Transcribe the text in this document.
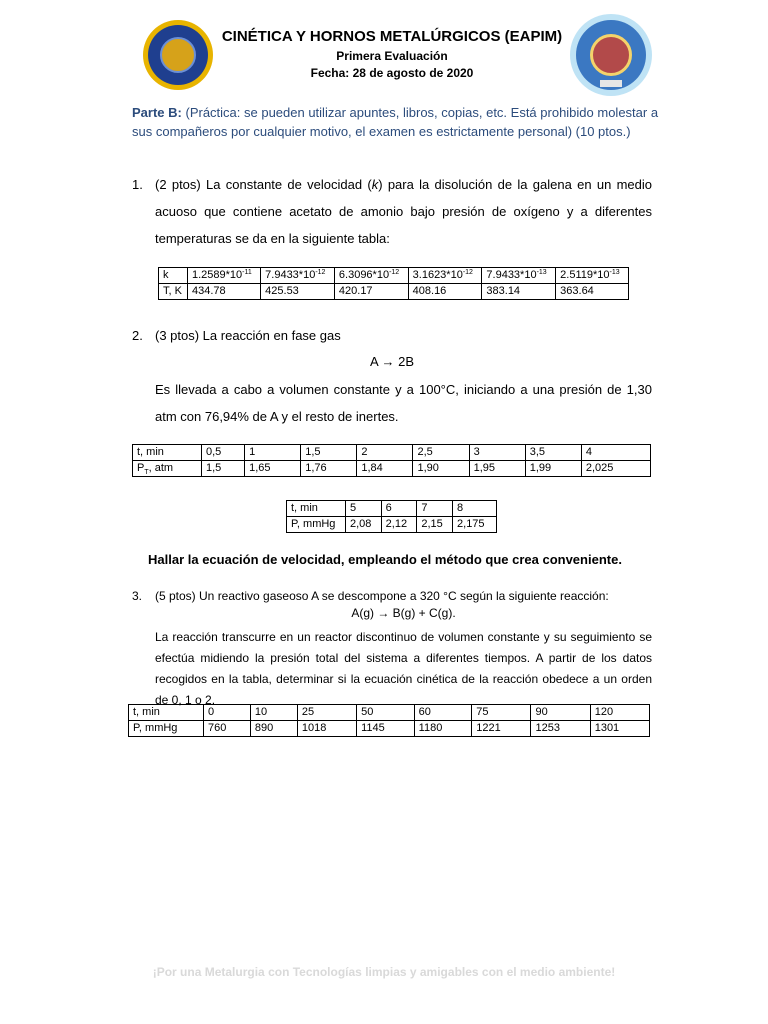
CINÉTICA Y HORNOS METALÚRGICOS (EAPIM)
Primera Evaluación
Fecha: 28 de agosto de 2020
Parte B: (Práctica: se pueden utilizar apuntes, libros, copias, etc. Está prohibido molestar a sus compañeros por cualquier motivo, el examen es estrictamente personal) (10 ptos.)
1. (2 ptos) La constante de velocidad (k) para la disolución de la galena en un medio acuoso que contiene acetato de amonio bajo presión de oxígeno y a diferentes temperaturas se da en la siguiente tabla:
k	$1.2589*10^{-11}$	$7.9433*10^{-12}$	$6.3096*10^{-12}$	$3.1623*10^{-12}$	$7.9433*10^{-13}$	$2.5119*10^{-13}$
T, K	434.78	425.53	420.17	408.16	383.14	363.64
2. (3 ptos) La reacción en fase gas
A → 2B
Es llevada a cabo a volumen constante y a 100°C, iniciando a una presión de 1,30 atm con 76,94% de A y el resto de inertes.
t, min	0,5	1	1,5	2	2,5	3	3,5	4
$P_T$, atm	1,5	1,65	1,76	1,84	1,90	1,95	1,99	2,025
t, min	5	6	7	8
P, mmHg	2,08	2,12	2,15	2,175
Hallar la ecuación de velocidad, empleando el método que crea conveniente.
3. (5 ptos) Un reactivo gaseoso A se descompone a 320 °C según la siguiente reacción:
A(g) → B(g) + C(g).
La reacción transcurre en un reactor discontinuo de volumen constante y su seguimiento se efectúa midiendo la presión total del sistema a diferentes tiempos. A partir de los datos recogidos en la tabla, determinar si la ecuación cinética de la reacción obedece a un orden de 0, 1 o 2.
t, min	0	10	25	50	60	75	90	120
P, mmHg	760	890	1018	1145	1180	1221	1253	1301
¡Por una Metalurgia con Tecnologías limpias y amigables con el medio ambiente!
